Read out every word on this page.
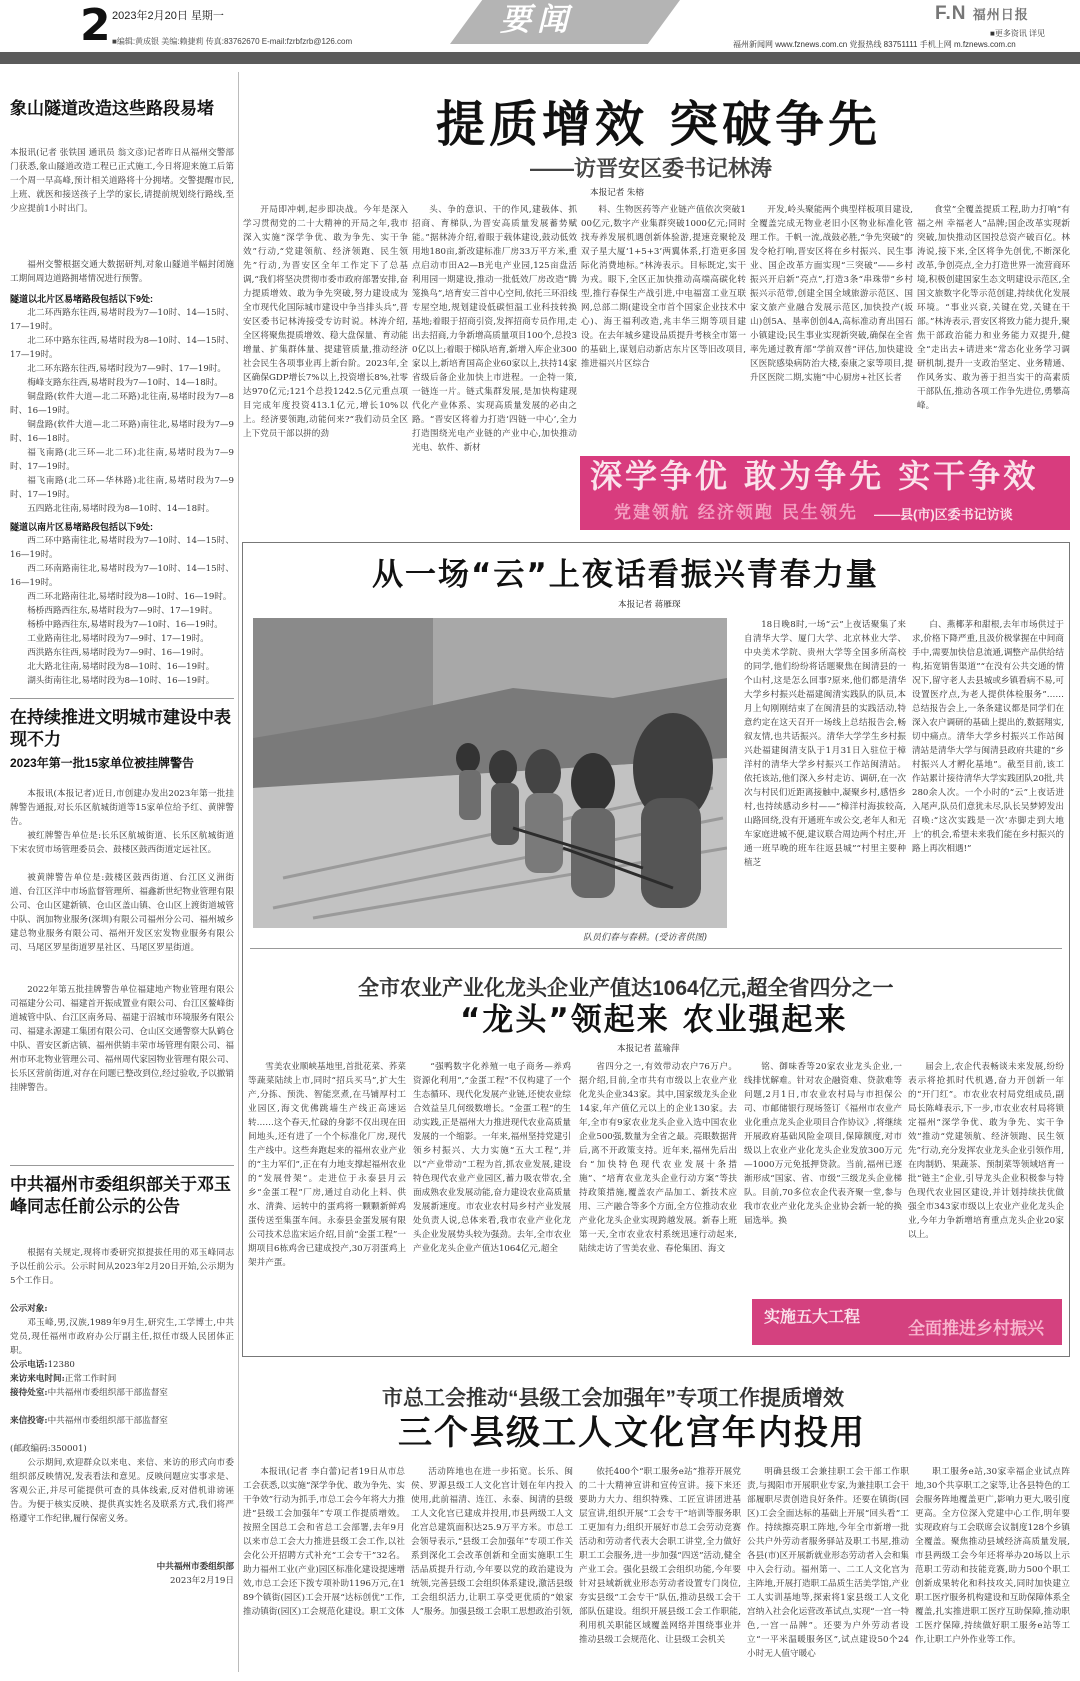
2 2023年2月20日 星期一
■编辑:黄成银 美编:赖捷莉 传真:83762670 E-mail:fzrbfzrb@126.com
要闻	F.N 福州日报
■更多资讯 详见
福州新闻网 www.fznews.com.cn 党报热线 83751111 手机上网 m.fznews.com.cn
象山隧道改造这些路段易堵
本报讯(记者 张铁国 通讯员 翁文彦)记者昨日从福州交警部门获悉,象山隧道改造工程已正式施工,今日将迎来施工后第一个周一早高峰,预计相关道路将十分拥堵。交警提醒市民,上班、就医和接送孩子上学的家长,请提前规划绕行路线,至少应提前1小时出门。
福州交警根据交通大数据研判,对象山隧道半幅封闭施工期间周边道路拥堵情况进行预警。
隧道以北片区易堵路段包括以下9处:
北二环西路东往西,易堵时段为7—10时、14—15时、17—19时。
北二环中路东往西,易堵时段为8—10时、14—15时、17—19时。
北二环东路东往西,易堵时段为7—9时、17—19时。
梅峰支路东往西,易堵时段为7—10时、14—18时。
铜盘路(软件大道—北二环路)北往南,易堵时段为7—8时、16—19时。
铜盘路(软件大道—北二环路)南往北,易堵时段为7—9时、16—18时。
福飞南路(北三环—北二环)北往南,易堵时段为7—9时、17—19时。
福飞南路(北二环—华林路)北往南,易堵时段为7—9时、17—19时。
五四路北往南,易堵时段为8—10时、14—18时。
隧道以南片区易堵路段包括以下9处:
西二环中路南往北,易堵时段为7—10时、14—15时、16—19时。
西二环南路南往北,易堵时段为7—10时、14—15时、16—19时。
西二环北路南往北,易堵时段为8—10时、16—19时。
杨桥西路西往东,易堵时段为7—9时、17—19时。
杨桥中路西往东,易堵时段为7—10时、16—19时。
工业路南往北,易堵时段为7—9时、17—19时。
西洪路东往西,易堵时段为7—9时、16—19时。
北大路北往南,易堵时段为8—10时、16—19时。
湖头街南往北,易堵时段为8—10时、16—19时。
在持续推进文明城市建设中表现不力
2023年第一批15家单位被挂牌警告
本报讯(本报记者)近日,市创建办发出2023年第一批挂牌警告通报,对长乐区航城街道等15家单位给予红、黄牌警告。
被红牌警告单位是:长乐区航城街道、长乐区航城街道下宋农贸市场管理委员会、鼓楼区鼓西街道定远社区。
被黄牌警告单位是:鼓楼区鼓西街道、台江区义洲街道、台江区洋中市场监督管理所、福鑫新世纪物业管理有限公司、仓山区建新镇、仓山区盖山镇、仓山区上渡街道城管中队、润加物业服务(深圳)有限公司福州分公司、福州城乡建总物业服务有限公司、福州开发区宏发物业服务有限公司、马尾区罗星街道罗星社区、马尾区罗星街道。
2022年第五批挂牌警告单位福建地产物业管理有限公司福建分公司、福建首开振成置业有限公司、台江区鳌峰街道城管中队、台江区南务局、福建于沼城市环境服务有限公司、福建永源建工集团有限公司、仓山区交通警察大队鹤仓中队、晋安区新店镇、福州供销丰荣市场管理有限公司、福州市环北物业管理公司、福州周代家园物业管理有限公司、长乐区营前街道,对存在问题已整改到位,经过验收,予以撤销挂牌警告。
中共福州市委组织部关于邓玉峰同志任前公示的公告
根据有关规定,现将市委研究拟提拔任用的邓玉峰同志予以任前公示。公示时间从2023年2月20日开始,公示期为5个工作日。
公示对象:
邓玉峰,男,汉族,1989年9月生,研究生,工学博士,中共党员,现任福州市政府办公厅副主任,拟任市级人民团体正职。
公示电话:12380
来访来电时间:正常工作时间
接待处室:中共福州市委组织部干部监督室
来信投寄:中共福州市委组织部干部监督室
(邮政编码:350001)
公示期间,欢迎群众以来电、来信、来访的形式向市委组织部反映情况,发表看法和意见。反映问题应实事求是、客观公正,并尽可能提供可查的具体线索,反对借机诽谤诬告。为便于核实反映、提供真实姓名及联系方式,我们将严格遵守工作纪律,履行保密义务。
中共福州市委组织部
2023年2月19日
提质增效 突破争先
——访晋安区委书记林涛
本报记者 朱榕
开局即冲刺,起步即决战。今年是深入学习贯彻党的二十大精神的开局之年,我市深入实施“深学争优、敢为争先、实干争效”行动,“党建领航、经济领跑、民生领先”行动,为晋安区全年工作定下了总基调,“我们将坚决贯彻市委市政府部署安排,奋力提质增效、敢为争先突破,努力建设成为全市现代化国际城市建设中争当排头兵”,晋安区委书记林涛接受专访时说。林涛介绍,全区将聚焦提质增效、稳大盘保量、育动能增量、扩集群体量、提建管质量,推动经济社会民生各项事业再上新台阶。2023年,全区确保GDP增长7%以上,投资增长8%,社零达970亿元;121个总投1242.5亿元重点项目完成年度投资413.1亿元,增长10%以上。经济要领跑,动能何来?“我们动员全区上下党员干部以拼的劲
头、争的意识、干的作风,建载体、抓招商、育梯队,为晋安高质量发展蓄势赋能。”据林涛介绍,着眼于载体建设,鼓动低效用地180亩,新改建标准厂房33万平方米,重点启动市田A2—B光电产业园,125亩盘活利用园一期建设,推动一批低效厂房改造“腾笼换鸟”,培育安三首中心空间,依托三环沿线专屋空地,规划建设低碳恒温工业科技转换基地;着眼于招商引资,发挥招商专员作用,走出去招商,力争新增高质量项目100个,总投30亿以上;着眼于梯队培育,新增入库企业300家以上,新培育国高企业60家以上,扶持14家省级后备企业加快上市进程。一企特一策,一链连一片。链式集群发展,是加快构建现代化产业体系、实现高质量发展的必由之路。“晋安区将着力打造‘四链一中心’,全力打造围绕光电产业链的产业中心,加快推动光电、软件、新材
料、生物医药等产业链产值依次突破100亿元,数字产业集群突破1000亿元;同时找寿养发展机遇创新体验游,提速竞聚轮及双子星大厦‘1+5+3’两翼体系,打造更多国际化消费地标。”林涛表示。目标既定,实干为戎。眼下,全区正加快推动高端高碳化转型,推行春保生产战引进,中电福富工业互联网,总部二期(建设全市首个国家企业技术中心)、海王福利改造,兆丰华三期等项目建设。在去年城乡建设品质提升考核全市第一的基础上,谋划启动新店东片区等旧改项目,推进福兴片区综合
开发,岭头聚能两个典型样板项目建设,全覆盖完成无物业老旧小区物业标准化管理工作。千帆一流,战鼓必胜,“争先突破”的发令枪打响,晋安区将在乡村振兴、民生事业、国企改革方面实现“三突破”——乡村振兴开启新“亮点”,打造3条“串珠带”乡村振兴示范带,创建全国全域旅游示范区、国家文旅产业融合发展示范区,加快投产(坂山)创5A、垦率创创4A,高标准动育出国石小镇建设;民生事业实现新突破,确保在全省率先通过教育部“学前双普”评估,加快建设区医院感染病防治大楼,泰康之家等项目,提升区医院二期,实施“中心厨房+社区长者
食堂”全覆盖提质工程,助力打响“有福之州 幸福老人”品牌;国企改革实现新突破,加快推动区国投总资产破百亿。林涛说,接下来,全区将争先创优,不断深化改革,争创亮点,全力打造世界一流营商环境,积极创建国家生态文明建设示范区,全国文旅数字化等示范创建,持续优化发展环境。“事业兴衰,关键在党,关键在干部。”林涛表示,晋安区将致力能力提升,聚焦干部政治能力和业务能力双提升,健全“走出去+请进来”常态化业务学习调研机制,提升一支政治坚定、业务精通、作风务实、敢为善于担当实干的高素质干部队伍,推动各项工作争先进位,勇攀高峰。
深学争优 敢为争先 实干争效
党建领航 经济领跑 民生领先 ——县(市)区委书记访谈
从一场“云”上夜话看振兴青春力量
本报记者 蒋雁琛
队员们春与春耕。(受访者供图)
18日晚8时,一场“云”上夜话聚集了来自清华大学、厦门大学、北京林业大学、中央美术学院、贵州大学等全国多所高校的同学,他们纷纷将话题聚焦在闽清县的一个山村,这是怎么回事?原来,他们都是清华大学乡村振兴赴福建闽清实践队的队员,本月上旬刚刚结束了在闽清县的实践活动,特意约定在这天召开一场线上总结报告会,畅叙友情,也共话振兴。清华大学学生乡村振兴赴福建闽清支队于1月31日入驻位于樟洋村的清华大学乡村振兴工作站闽清站。依托该站,他们深入乡村走访、调研,在一次次与村民们近距离接触中,凝聚乡村,感悟乡村,也持续感动乡村——“樟洋村海拔较高,山路回绕,没有开通班车或公交,老年人和无车家庭进城不便,建议联合周边两个村庄,开通一班早晚的班车往返县城”“村里主要种植芝
白、燕椰茅和甜根,去年市场供过于求,价格下降严重,且汲价极掌握在中间商手中,需要加快信息流通,调整产品供给结构,拓宽销售渠道”“在没有公共交通的情况下,留守老人去县城或乡镇看病不易,可设置医疗点,为老人提供体检服务”……总结报告会上,一条条建议都是同学们在深入农户调研的基础上提出的,数据翔实,切中痛点。清华大学乡村振兴工作站闽清站是清华大学与闽清县政府共建的“乡村振兴人才孵化基地”。截至目前,该工作站累计接待清华大学实践团队20批,共280余人次。一个小时的“云”上夜话进入尾声,队员们意犹未尽,队长吴梦婷发出召唤:“这次实践是一次‘赤脚走到大地上’的机会,希望未来我们能在乡村振兴的路上再次相遇!”
全市农业产业化龙头企业产值达1064亿元,超全省四分之一
“龙头”领起来 农业强起来
本报记者 蓝瑜萍
雪美农业顺峡基地里,首批花菜、荞菜等蔬菜陆续上市,同时“招兵买马”,扩大生产,分拣、预洗、智能烹煮,在马铺厚村工业园区,海文优佛跳墙生产线正高速运转……这个春天,忙碌的身影不仅出现在田间地头,还有进了一个个标准化厂房,现代生产线中。这些奔跑起来的福州农业产业的“主力军们”,正在有力地支撑起福州农业的“发展骨架”。走进位于永泰县月云乡“金蛋工程”厂房,通过自动化上料、供水、清粪、运转中的蛋鸡将一颗颗新鲜鸡蛋传送至集蛋车间。永泰县金蛋发展有限公司技术总监宋运介绍,目前“金蛋工程”一期项目6栋鸡舍已建成投产,30万羽蛋鸡上架并产蛋。
“强鸭数字化养殖一电子商务—养鸡资源化利用”,“金蛋工程”不仅构建了一个生态循环、现代化发展产业链,还使农业综合效益呈几何级数增长。“金蛋工程”的生动实践,正是福州大力推进现代农业高质量发展的一个缩影。一年来,福州坚持党建引领乡村振兴、大力实施“五大工程”,并以“产业带动”工程为首,抓农业发展,建设特色现代农业产业园区,蓄力吸农带农,全面成熟农业发展动能,奋力建设农业高质量发展新速度。市农业农村局乡村产业发展处负责人说,总体来看,我市农业产业化龙头企业发展势头较为强劲。去年,全市农业产业化龙头企业产值达1064亿元,超全
省四分之一,有效带动农户76万户。据介绍,目前,全市共有市级以上农业产业化龙头企业343家。其中,国家级龙头企业14家,年产值亿元以上的企业130家。去年,全市有9家农业龙头企业入选中国农业企业500强,数量为全省之最。亮眼数据背后,离不开政策支持。近年来,福州先后出台“加快特色现代农业发展十条措施”、“培育农业龙头企业行动方案”等扶持政策措施,覆盖农产品加工、新技术应用、三产融合等多个方面,全方位推动农业产业化龙头企业实现跨越发展。新春上班第一天,全市农业农村系统迅速行动起来,陆续走访了雪美农业、春伦集团、海文
铭、御味香等20家农业龙头企业,一线排忧解难。针对农企融资难、贷款难等问题,2月1日,市农业农村局与市担保公司、市邮储银行现场签订《福州市农业产业化重点龙头企业项目合作协议》,将继续开展政府基础风险金项目,保障额度,对市级以上农业产业化龙头企业发放300万元—1000万元免抵押贷款。当前,福州已逐渐形成“国家、省、市级”三级龙头企业梯队。目前,70多位农企代表齐聚一堂,参与我市农业产业化龙头企业协会新一轮的换届选举。换
届会上,农企代表畅谈未来发展,纷纷表示将抢抓时代机遇,奋力开创新一年的“开门红”。市农业农村局党组成员,副局长陈峰表示,下一步,市农业农村局将锁定福州“深学争优、敢为争先、实干争效”推动“党建领航、经济领跑、民生领先”行动,充分发挥农业龙头企业引领作用,在肉制奶、果蔬茶、预制菜等领域培育一批“链主”企业,引导龙头企业积极参与特色现代农业园区建设,并计划持续扶优做强全市343家市级以上农业产业化龙头企业,今年力争新增培育重点龙头企业20家以上。
实施五大工程
全面推进乡村振兴
市总工会推动“县级工会加强年”专项工作提质增效
三个县级工人文化宫年内投用
本报讯(记者 李白蕾)记者19日从市总工会获悉,以实施“深学争优、敢为争先、实干争效”行动为抓手,市总工会今年将大力推进“县级工会加强年”专项工作提质增效。按照全国总工会和省总工会部署,去年9月以来市总工会大力推进县级工会工作,以社会化公开招聘方式补充“工会专干”32名。助力福州工业(产业)园区标准化建设提速增效,市总工会还下拨专项补助1196万元,在189个镇街(园区)工会开展“达标创优”工作,推动镇街(园区)工会规范化建设。职工文体
活动阵地也在进一步拓宽。长乐、闽侯、罗源县级工人文化宫计划在年内投入使用,此前福清、连江、永泰、闽清的县级工人文化宫已建成并投用,市县两级工人文化宫总建筑面积达25.9万平方米。市总工会领导表示,“县级工会加强年”专项工作关系到深化工会改革创新和全面实施职工生活品质提升行动,今年要以党的政治建设为统领,完善县级工会组织体系建设,激活县级工会组织活力,让职工享受更优质的“娘家人”服务。加强县级工会职工思想政治引领,
依托400个“职工服务e站”推荐开展党的二十大精神宣讲和宣传宣讲。接下来还要助力大力、组织特殊、工匠宣讲团进基层宣讲,组织开展“工会专干”培训等服务职工更加有力;组织开展好市总工会劳动竞赛活动和劳动者代表大会职工讲堂,全力做好职工工会服务,进一步加强“四送”活动,健全产业工会。强化县级工会组织功能,今年要针对县域新就业形态劳动者设置专门岗位,夯实县级“工会专干”队伍,推动县级工会干部队伍建设。组织开展县级工会工作职能,利用机关职能区域覆盖网络并围绕事业并推动县级工会规范化、让县级工会机关
明确县级工会兼挂职工会干部工作职责,与揭阳市开展职业专家,为兼挂职工会干部履职尽责创造良好条件。还要在镇街(园区)工会全面达标的基础上开展“回头看”工作。持续擦亮职工阵地,今年全市新增一批公共户外劳动者服务驿站及职工书屋,推动各县(市)区开展新就业形态劳动者入会和集中入会行动。福州第一、二工人文化宫为主阵地,开展打造职工品质生活美学馆,产业工人实训基地等,探索将1家县级工人文化宫纳入社会化运营改革试点,实现“一宫一特色,一宫一品牌”。还要为户外劳动者设立“一平米温暖服务区”,试点建设50个24小时无人值守暖心
职工服务e站,30家幸福企业试点阵地,30个共享职工之家等,让各县特色的工会服务阵地覆盖更广,影响力更大,吸引度更高。全方位深入党建中心工作,明年要实现政府与工会联席会议制度128个乡镇全覆盖。聚焦推动县域经济高质量发展,市县两级工会今年还将举办20场以上示范职工劳动和技能竞赛,助力500个职工创新成果转化和科技攻关,同时加快建立职工医疗服务机构建设和互助保障体系全覆盖,扎实推进职工医疗互助保障,推动职工医疗保障,持续做好职工服务e站等工作,让职工户外作业等工作。
